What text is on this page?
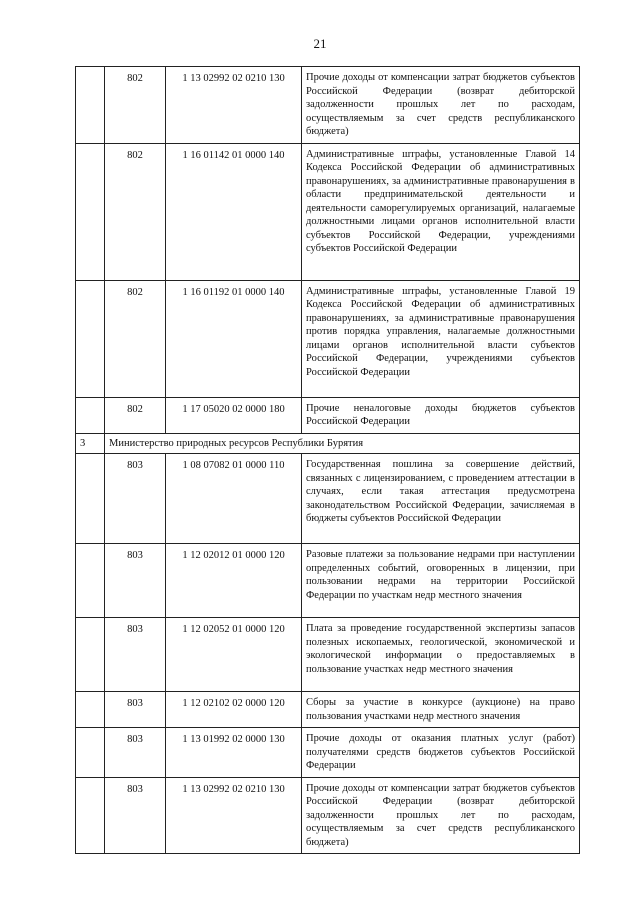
21
	802	1 13 02992 02 0210 130	Прочие доходы от компенсации затрат бюджетов субъектов Российской Федерации (возврат дебиторской задолженности прошлых лет по расходам, осуществляемым за счет средств республиканского бюджета)
	802	1 16 01142 01 0000 140	Административные штрафы, установленные Главой 14 Кодекса Российской Федерации об административных правонарушениях, за административные правонарушения в области предпринимательской деятельности и деятельности саморегулируемых организаций, налагаемые должностными лицами органов исполнительной власти субъектов Российской Федерации, учреждениями субъектов Российской Федерации
	802	1 16 01192 01 0000 140	Административные штрафы, установленные Главой 19 Кодекса Российской Федерации об административных правонарушениях, за административные правонарушения против порядка управления, налагаемые должностными лицами органов исполнительной власти субъектов Российской Федерации, учреждениями субъектов Российской Федерации
	802	1 17 05020 02 0000 180	Прочие неналоговые доходы бюджетов субъектов Российской Федерации
3	Министерство природных ресурсов Республики Бурятия		
	803	1 08 07082 01 0000 110	Государственная пошлина за совершение действий, связанных с лицензированием, с проведением аттестации в случаях, если такая аттестация предусмотрена законодательством Российской Федерации, зачисляемая в бюджеты субъектов Российской Федерации
	803	1 12 02012 01 0000 120	Разовые платежи за пользование недрами при наступлении определенных событий, оговоренных в лицензии, при пользовании недрами на территории Российской Федерации по участкам недр местного значения
	803	1 12 02052 01 0000 120	Плата за проведение государственной экспертизы запасов полезных ископаемых, геологической, экономической и экологической информации о предоставляемых в пользование участках недр местного значения
	803	1 12 02102 02 0000 120	Сборы за участие в конкурсе (аукционе) на право пользования участками недр местного значения
	803	1 13 01992 02 0000 130	Прочие доходы от оказания платных услуг (работ) получателями средств бюджетов субъектов Российской Федерации
	803	1 13 02992 02 0210 130	Прочие доходы от компенсации затрат бюджетов субъектов Российской Федерации (возврат дебиторской задолженности прошлых лет по расходам, осуществляемым за счет средств республиканского бюджета)
